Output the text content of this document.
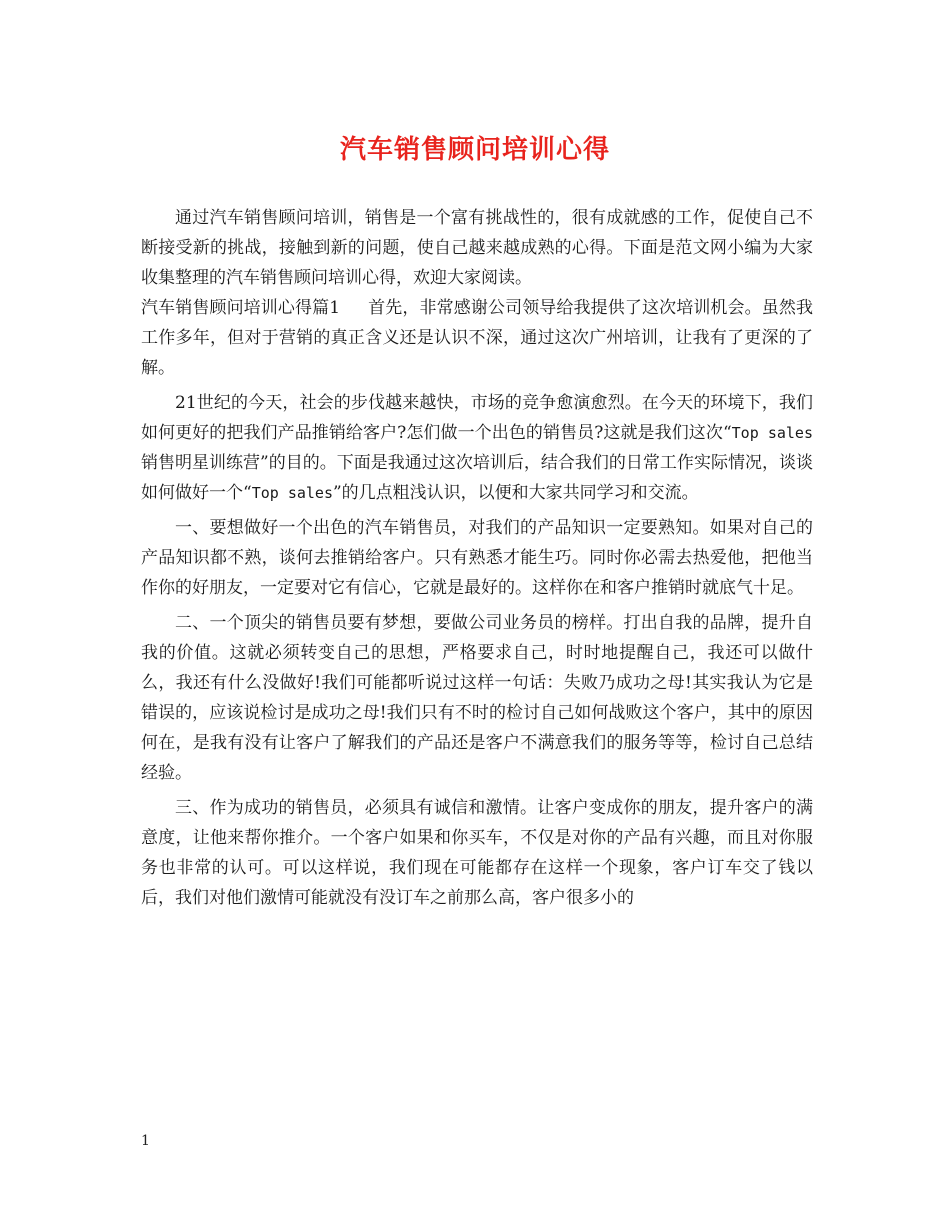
汽车销售顾问培训心得

通过汽车销售顾问培训，销售是一个富有挑战性的，很有成就感的工作，促使自己不断接受新的挑战，接触到新的问题，使自己越来越成熟的心得。下面是范文网小编为大家收集整理的汽车销售顾问培训心得，欢迎大家阅读。

汽车销售顾问培训心得篇1 首先，非常感谢公司领导给我提供了这次培训机会。虽然我工作多年，但对于营销的真正含义还是认识不深，通过这次广州培训，让我有了更深的了解。

21世纪的今天，社会的步伐越来越快，市场的竞争愈演愈烈。在今天的环境下，我们如何更好的把我们产品推销给客户?怎们做一个出色的销售员?这就是我们这次“Top sales销售明星训练营”的目的。下面是我通过这次培训后，结合我们的日常工作实际情况，谈谈如何做好一个“Top sales”的几点粗浅认识，以便和大家共同学习和交流。

一、要想做好一个出色的汽车销售员，对我们的产品知识一定要熟知。如果对自己的产品知识都不熟，谈何去推销给客户。只有熟悉才能生巧。同时你必需去热爱他，把他当作你的好朋友，一定要对它有信心，它就是最好的。这样你在和客户推销时就底气十足。

二、一个顶尖的销售员要有梦想，要做公司业务员的榜样。打出自我的品牌，提升自我的价值。这就必须转变自己的思想，严格要求自己，时时地提醒自己，我还可以做什么，我还有什么没做好!我们可能都听说过这样一句话：失败乃成功之母!其实我认为它是错误的，应该说检讨是成功之母!我们只有不时的检讨自己如何战败这个客户，其中的原因何在，是我有没有让客户了解我们的产品还是客户不满意我们的服务等等，检讨自己总结经验。

三、作为成功的销售员，必须具有诚信和激情。让客户变成你的朋友，提升客户的满意度，让他来帮你推介。一个客户如果和你买车，不仅是对你的产品有兴趣，而且对你服务也非常的认可。可以这样说，我们现在可能都存在这样一个现象，客户订车交了钱以后，我们对他们激情可能就没有没订车之前那么高，客户很多小的

1
